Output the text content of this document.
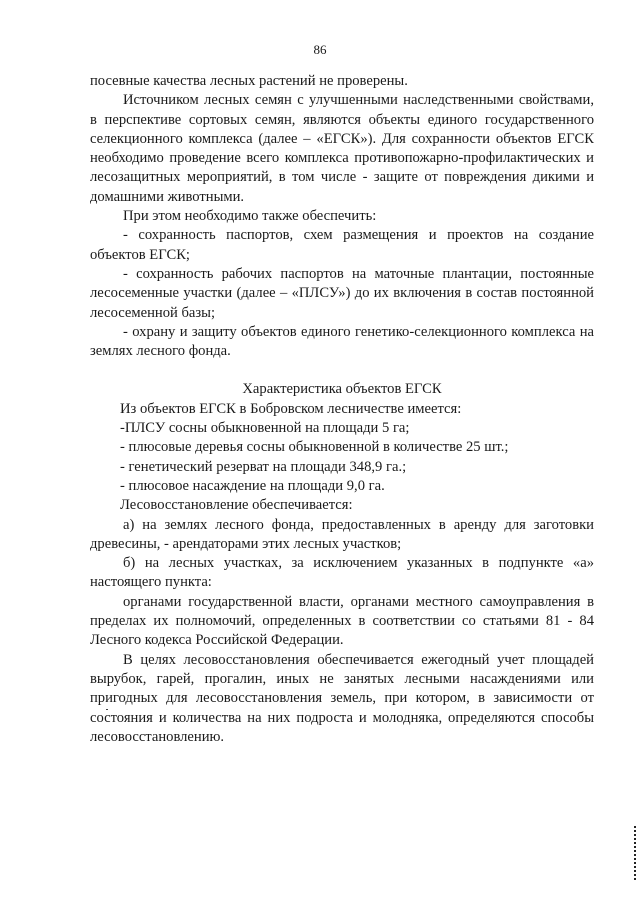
86

посевные качества лесных растений не проверены.

Источником лесных семян с улучшенными наследственными свойствами, в перспективе сортовых семян, являются объекты единого государственного селекционного комплекса (далее – «ЕГСК»). Для сохранности объектов ЕГСК необходимо проведение всего комплекса противопожарно-профилактических и лесозащитных мероприятий, в том числе - защите от повреждения дикими и домашними животными.

При этом необходимо также обеспечить:

- сохранность паспортов, схем размещения и проектов на создание объектов ЕГСК;

- сохранность рабочих паспортов на маточные плантации, постоянные лесосеменные участки (далее – «ПЛСУ») до их включения в состав постоянной лесосеменной базы;

- охрану и защиту объектов единого генетико-селекционного комплекса на землях лесного фонда.

Характеристика объектов ЕГСК

Из объектов ЕГСК в Бобровском лесничестве имеется:

-ПЛСУ сосны обыкновенной на площади 5 га;

- плюсовые деревья сосны обыкновенной в количестве 25 шт.;

- генетический резерват на площади 348,9 га.;

- плюсовое насаждение на площади 9,0 га.

Лесовосстановление обеспечивается:

а) на землях лесного фонда, предоставленных в аренду для заготовки древесины, - арендаторами этих лесных участков;

б) на лесных участках, за исключением указанных в подпункте «а» настоящего пункта:

органами государственной власти, органами местного самоуправления в пределах их полномочий, определенных в соответствии со статьями 81 - 84 Лесного кодекса Российской Федерации.

В целях лесовосстановления обеспечивается ежегодный учет площадей вырубок, гарей, прогалин, иных не занятых лесными насаждениями или пригодных для лесовосстановления земель, при котором, в зависимости от состояния и количества на них подроста и молодняка, определяются способы лесовосстановлению.
